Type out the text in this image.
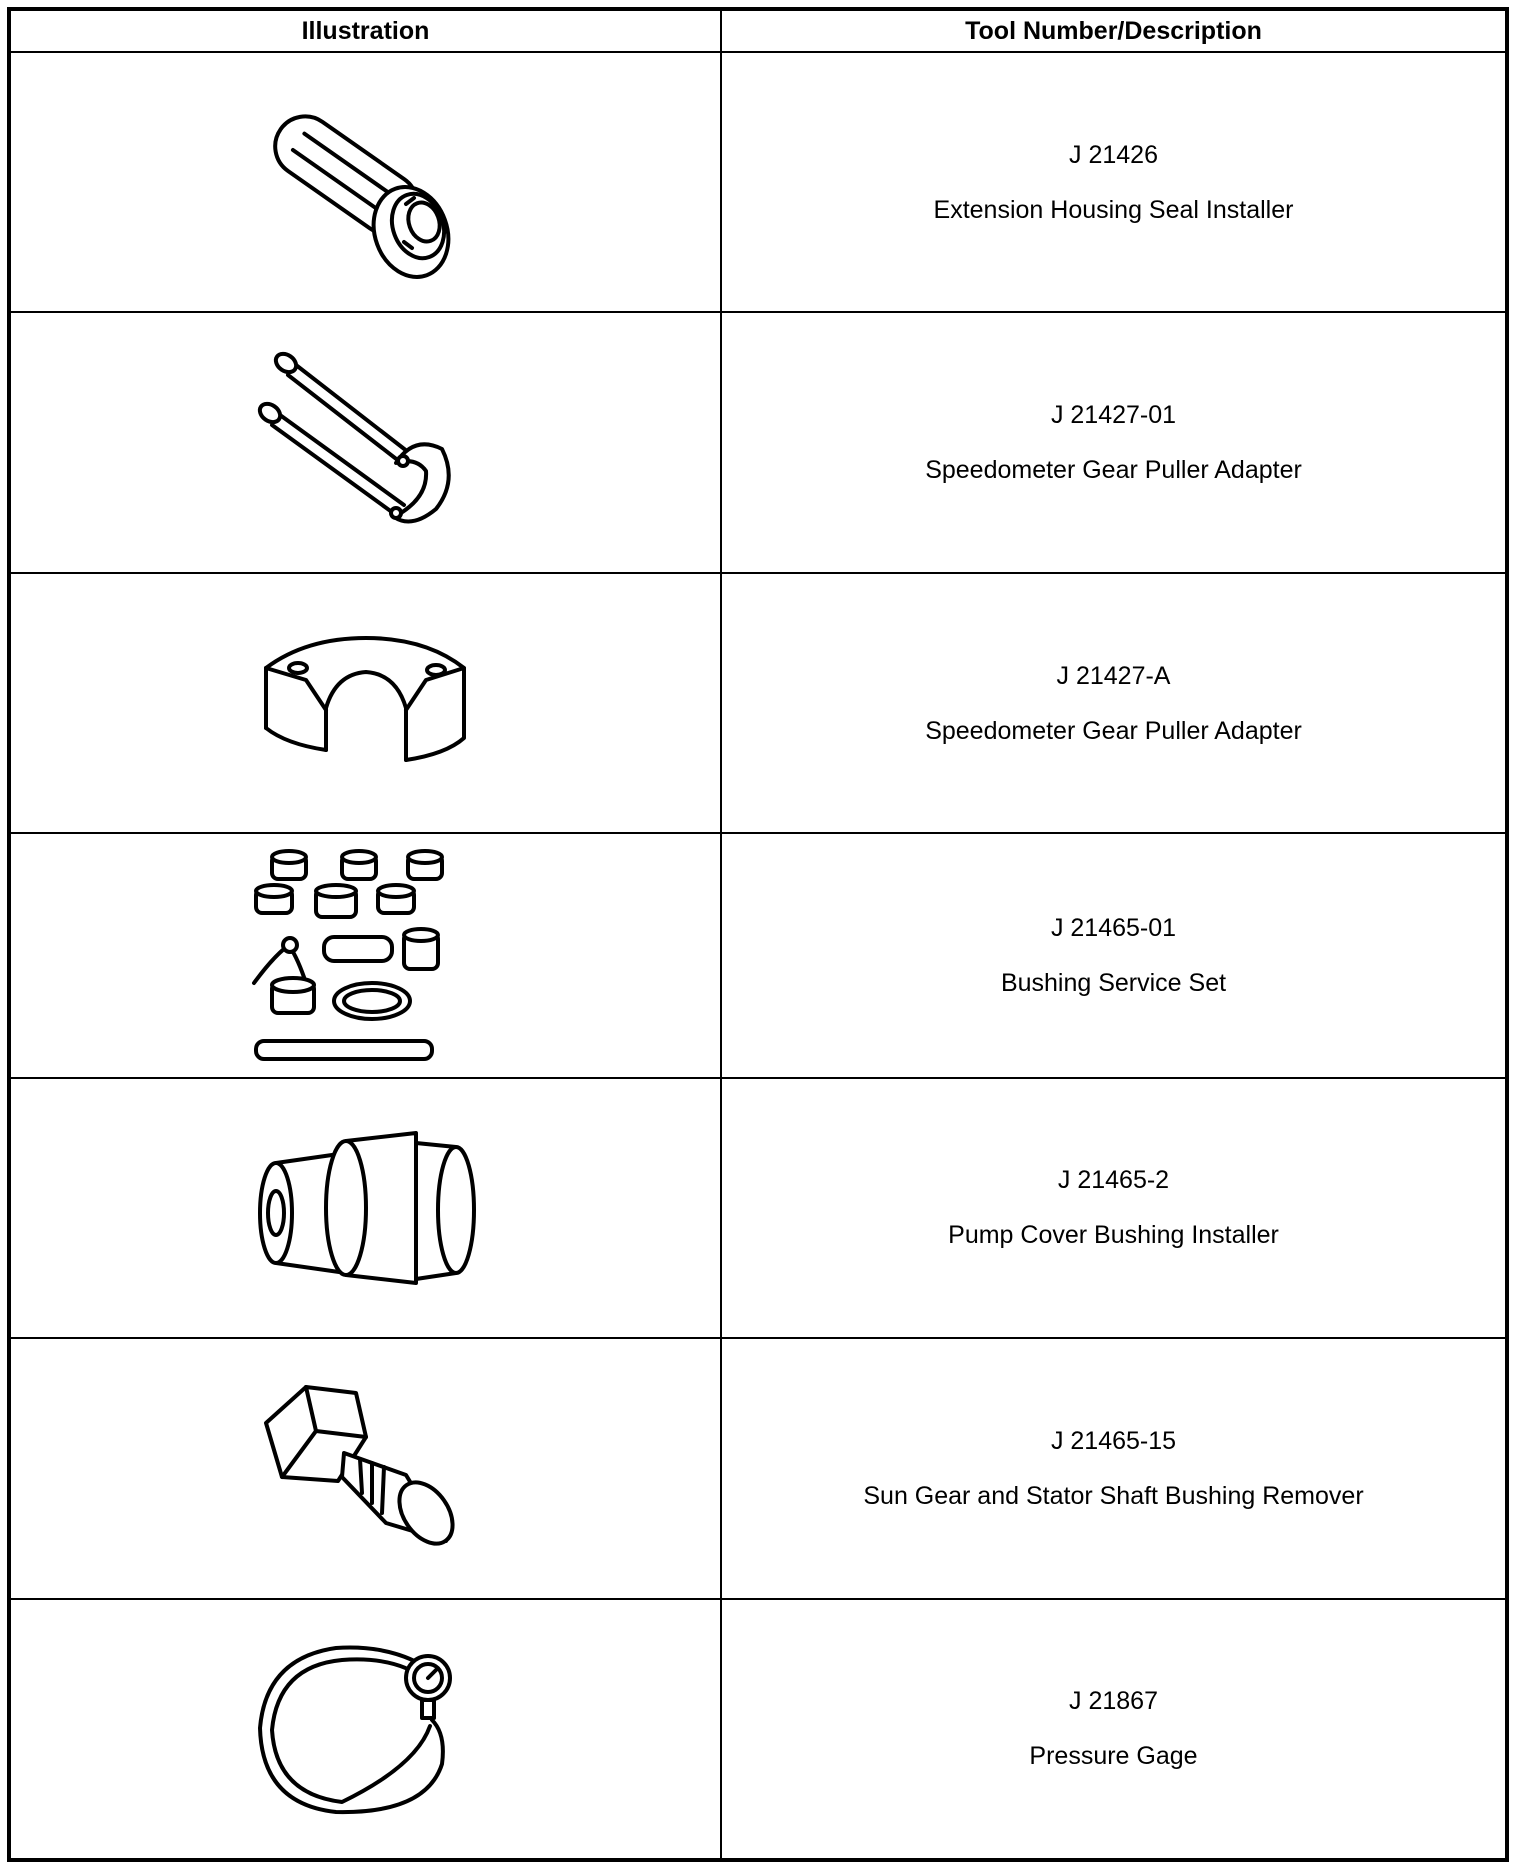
Illustration	Tool Number/Description

J 21426
Extension Housing Seal Installer

J 21427-01
Speedometer Gear Puller Adapter

J 21427-A
Speedometer Gear Puller Adapter

J 21465-01
Bushing Service Set

J 21465-2
Pump Cover Bushing Installer

J 21465-15
Sun Gear and Stator Shaft Bushing Remover

J 21867
Pressure Gage
